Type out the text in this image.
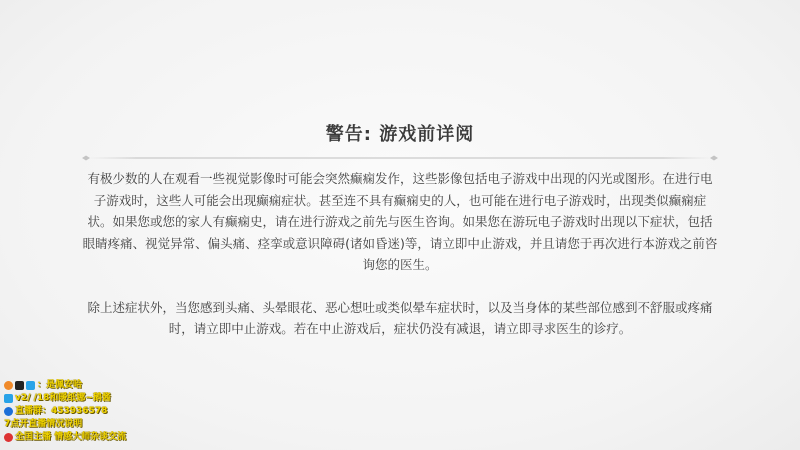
警告: 游戏前详阅

有极少数的人在观看一些视觉影像时可能会突然癫痫发作，这些影像包括电子游戏中出现的闪光或图形。在进行电子游戏时，这些人可能会出现癫痫症状。甚至连不具有癫痫史的人，也可能在进行电子游戏时，出现类似癫痫症状。如果您或您的家人有癫痫史，请在进行游戏之前先与医生咨询。如果您在游玩电子游戏时出现以下症状，包括眼睛疼痛、视觉异常、偏头痛、痉挛或意识障碍(诸如昏迷)等，请立即中止游戏，并且请您于再次进行本游戏之前咨询您的医生。

除上述症状外，当您感到头痛、头晕眼花、恶心想吐或类似晕车症状时，以及当身体的某些部位感到不舒服或疼痛时，请立即中止游戏。若在中止游戏后，症状仍没有减退，请立即寻求医生的诊疗。

：是佩安哈
v2/ /18和暖纸娜~鹅酱
直播群：453936578
7点开直播情况说明
全国主播 情感大师杂谈交流
